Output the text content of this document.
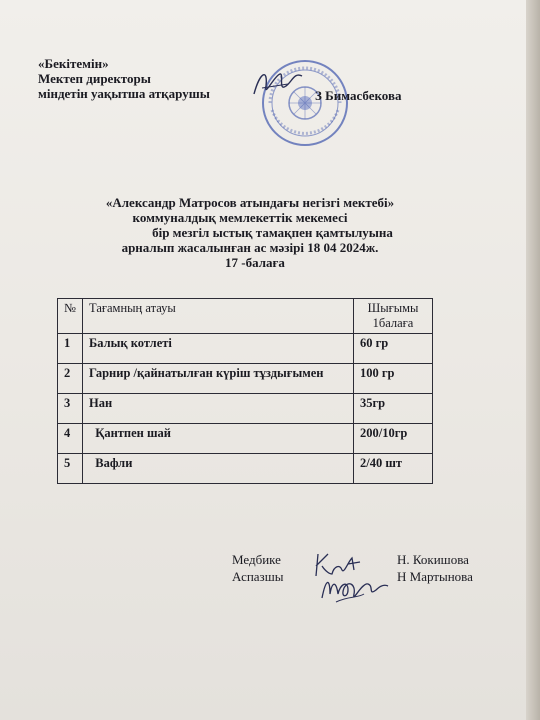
«Бекітемін»
Мектеп директоры
міндетін уақытша атқарушы	З Бимасбекова
«Александр Матросов атындағы негізгі мектебі»
коммуналдық мемлекеттік мекемесі
бір мезгіл ыстық тамақпен қамтылуына
арналып жасалынған ас мәзірі 18 04 2024ж.
17 -балаға
№	Тағамның атауы	Шығымы
1балаға

1	Балық котлеті	60 гр
2	Гарнир /қайнатылған күріш тұздығымен	100 гр
3	Нан	35гр
4	Қантпен шай	200/10гр
5	Вафли	2/40 шт
Медбике
Аспазшы
Н. Кокишова
Н Мартынова
